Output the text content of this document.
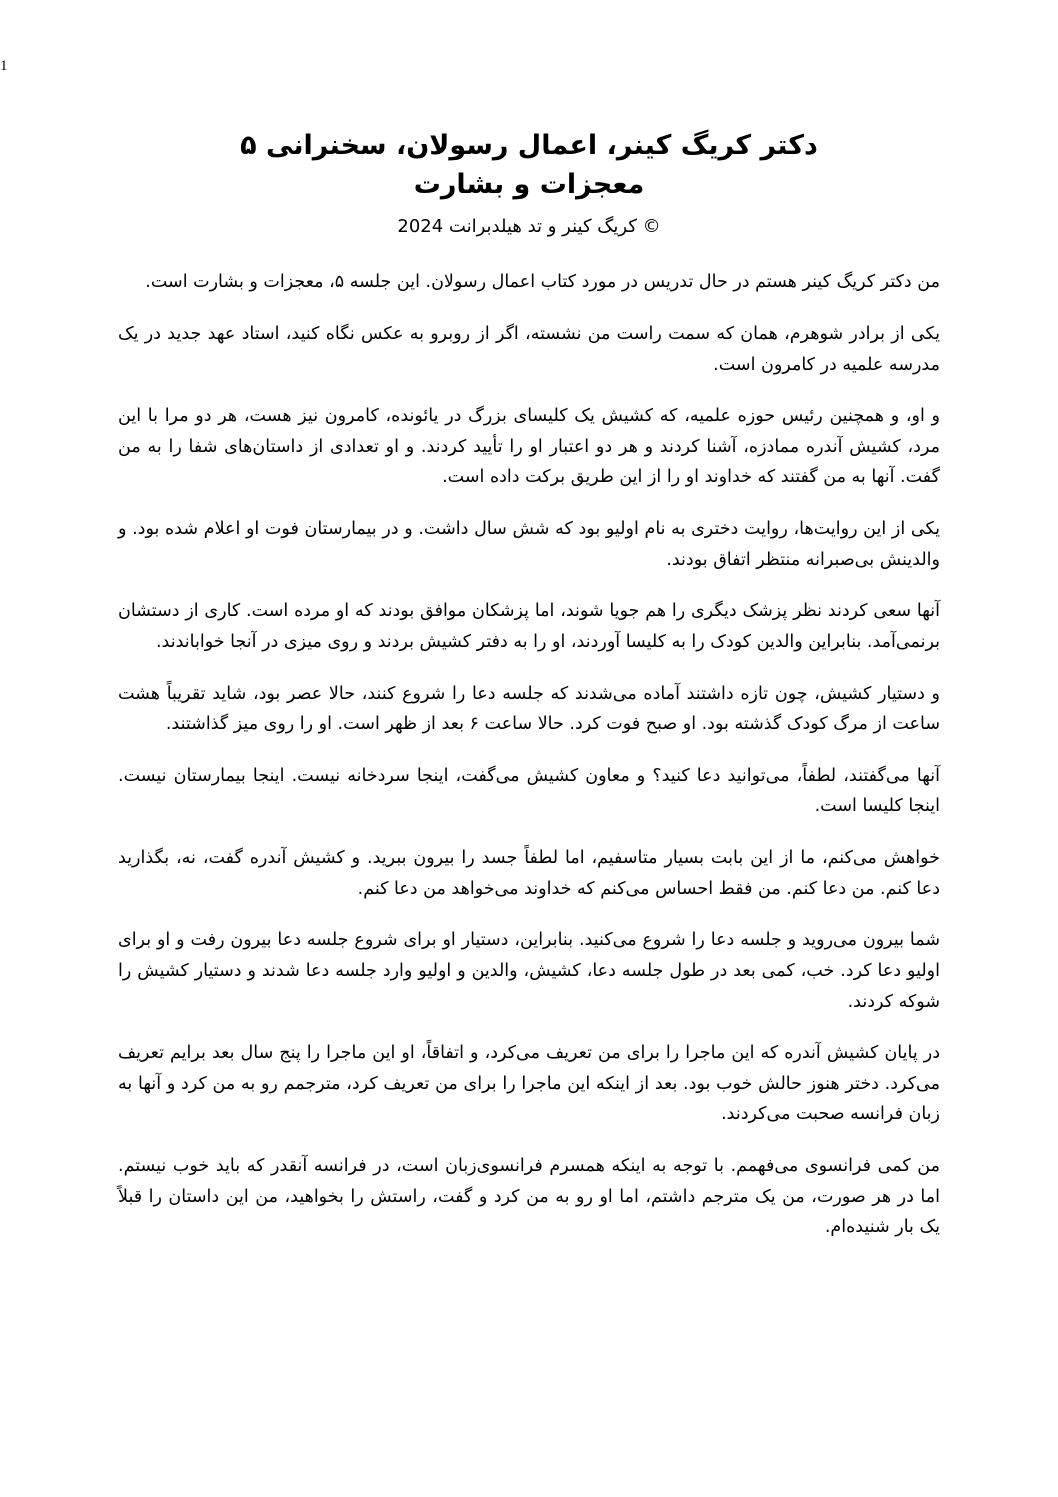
1
دکتر کریگ کینر، اعمال رسولان، سخنرانی ۵
معجزات و بشارت
© کریگ کینر و تد هیلدبرانت 2024

من دکتر کریگ کینر هستم در حال تدریس در مورد کتاب اعمال رسولان. این جلسه ۵، معجزات و بشارت است.

یکی از برادر شوهرم، همان که سمت راست من نشسته، اگر از روبرو به عکس نگاه کنید، استاد عهد جدید در یک مدرسه علمیه در کامرون است.

و او، و همچنین رئیس حوزه علمیه، که کشیش یک کلیسای بزرگ در یائونده، کامرون نیز هست، هر دو مرا با این مرد، کشیش آندره ممادزه، آشنا کردند و هر دو اعتبار او را تأیید کردند. و او تعدادی از داستان‌های شفا را به من گفت. آنها به من گفتند که خداوند او را از این طریق برکت داده است.

یکی از این روایت‌ها، روایت دختری به نام اولیو بود که شش سال داشت. و در بیمارستان فوت او اعلام شده بود. و والدینش بی‌صبرانه منتظر اتفاق بودند.

آنها سعی کردند نظر پزشک دیگری را هم جویا شوند، اما پزشکان موافق بودند که او مرده است. کاری از دستشان برنمی‌آمد. بنابراین والدین کودک را به کلیسا آوردند، او را به دفتر کشیش بردند و روی میزی در آنجا خواباندند.

و دستیار کشیش، چون تازه داشتند آماده می‌شدند که جلسه دعا را شروع کنند، حالا عصر بود، شاید تقریباً هشت ساعت از مرگ کودک گذشته بود. او صبح فوت کرد. حالا ساعت ۶ بعد از ظهر است. او را روی میز گذاشتند.

آنها می‌گفتند، لطفاً، می‌توانید دعا کنید؟ و معاون کشیش می‌گفت، اینجا سردخانه نیست. اینجا بیمارستان نیست. اینجا کلیسا است.

خواهش می‌کنم، ما از این بابت بسیار متاسفیم، اما لطفاً جسد را بیرون ببرید. و کشیش آندره گفت، نه، بگذارید دعا کنم. من دعا کنم. من فقط احساس می‌کنم که خداوند می‌خواهد من دعا کنم.

شما بیرون می‌روید و جلسه دعا را شروع می‌کنید. بنابراین، دستیار او برای شروع جلسه دعا بیرون رفت و او برای اولیو دعا کرد. خب، کمی بعد در طول جلسه دعا، کشیش، والدین و اولیو وارد جلسه دعا شدند و دستیار کشیش را شوکه کردند.

در پایان کشیش آندره که این ماجرا را برای من تعریف می‌کرد، و اتفاقاً، او این ماجرا را پنج سال بعد برایم تعریف می‌کرد. دختر هنوز حالش خوب بود. بعد از اینکه این ماجرا را برای من تعریف کرد، مترجمم رو به من کرد و آنها به زبان فرانسه صحبت می‌کردند.

من کمی فرانسوی می‌فهمم. با توجه به اینکه همسرم فرانسوی‌زبان است، در فرانسه آنقدر که باید خوب نیستم. اما در هر صورت، من یک مترجم داشتم، اما او رو به من کرد و گفت، راستش را بخواهید، من این داستان را قبلاً یک بار شنیده‌ام.
